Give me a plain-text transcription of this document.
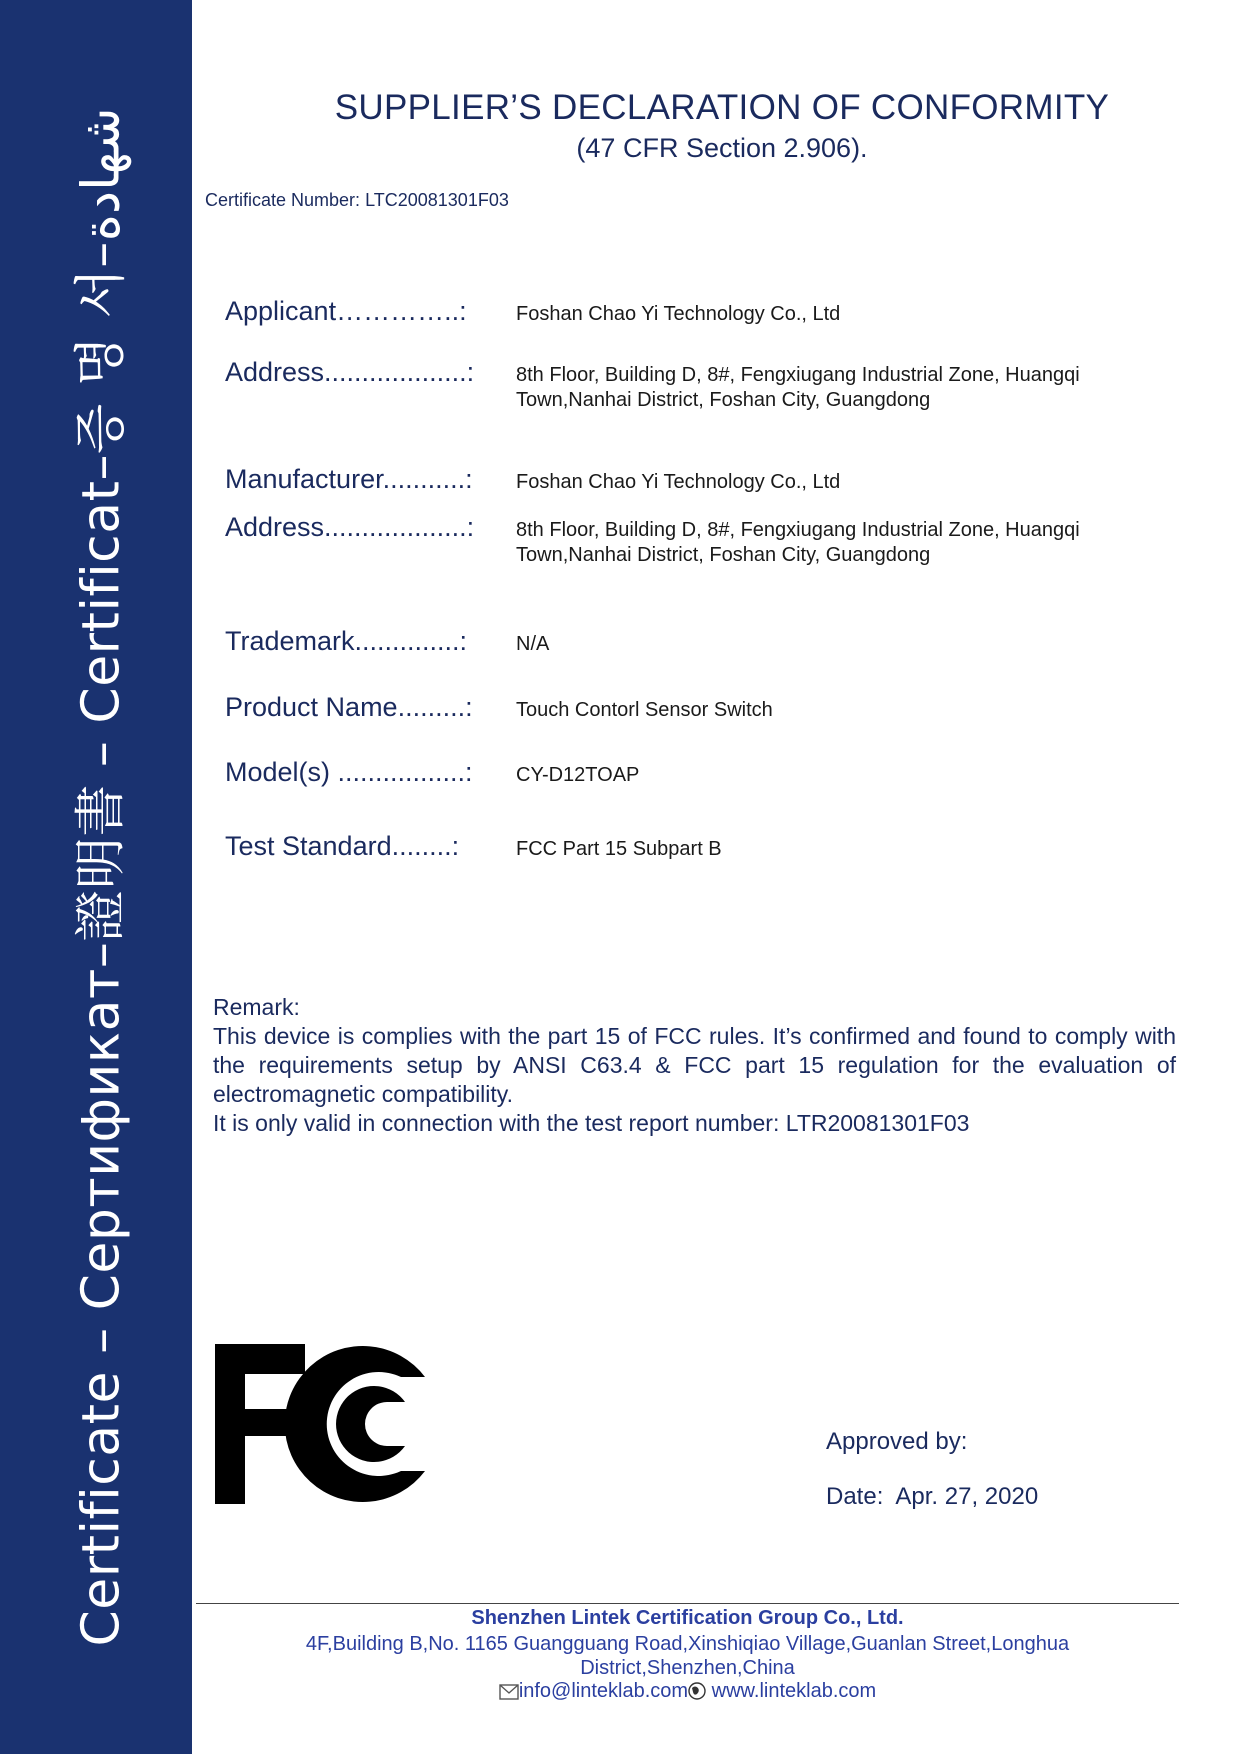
Certificate – Сертификат–證明書 – Certificat–증 명 서–شهادة	SUPPLIER’S DECLARATION OF CONFORMITY
(47 CFR Section 2.906).
Certificate Number: LTC20081301F03
Applicant…………..: Foshan Chao Yi Technology Co., Ltd
Address...................: 8th Floor, Building D, 8#, Fengxiugang Industrial Zone, Huangqi
Town,Nanhai District, Foshan City, Guangdong
Manufacturer...........: Foshan Chao Yi Technology Co., Ltd
Address...................: 8th Floor, Building D, 8#, Fengxiugang Industrial Zone, Huangqi
Town,Nanhai District, Foshan City, Guangdong
Trademark..............: N/A
Product Name.........: Touch Contorl Sensor Switch
Model(s) .................: CY-D12TOAP
Test Standard........:	FCC Part 15 Subpart B

Remark:

This device is complies with the part 15 of FCC rules. It’s confirmed and found to comply with the requirements setup by ANSI C63.4 & FCC part 15 regulation for the evaluation of electromagnetic compatibility.

It is only valid in connection with the test report number: LTR20081301F03

Approved by:
Date: Apr. 27, 2020
Shenzhen Lintek Certification Group Co., Ltd.
4F,Building B,No. 1165 Guangguang Road,Xinshiqiao Village,Guanlan Street,Longhua
District,Shenzhen,China
info@linteklab.com www.linteklab.com
